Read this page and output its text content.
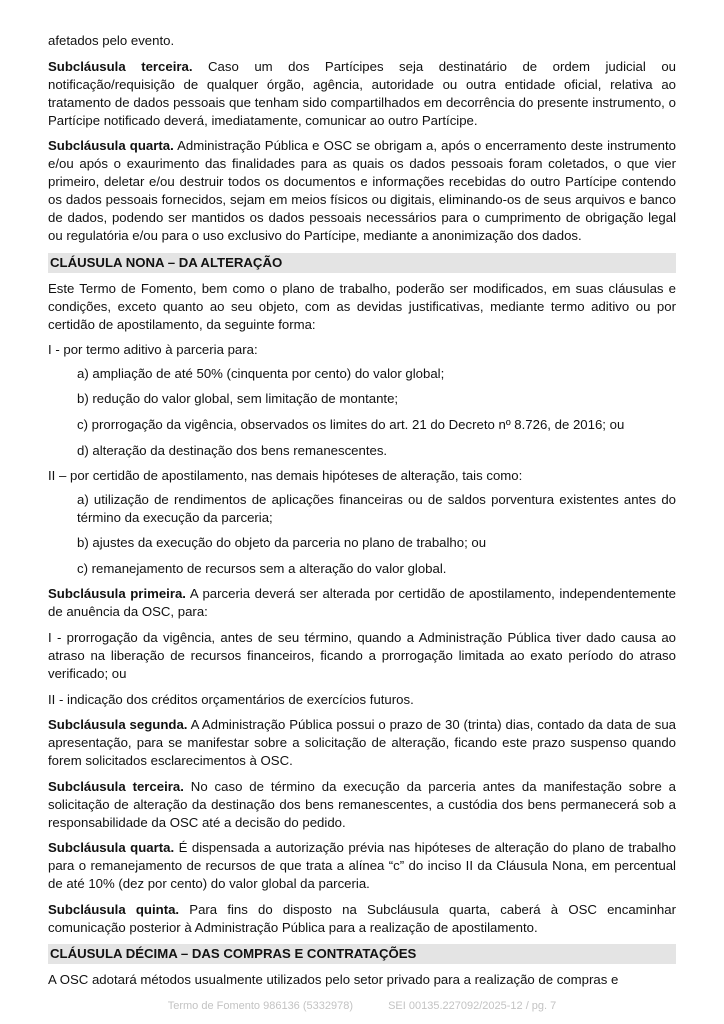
afetados pelo evento.

Subcláusula terceira. Caso um dos Partícipes seja destinatário de ordem judicial ou notificação/requisição de qualquer órgão, agência, autoridade ou outra entidade oficial, relativa ao tratamento de dados pessoais que tenham sido compartilhados em decorrência do presente instrumento, o Partícipe notificado deverá, imediatamente, comunicar ao outro Partícipe.

Subcláusula quarta. Administração Pública e OSC se obrigam a, após o encerramento deste instrumento e/ou após o exaurimento das finalidades para as quais os dados pessoais foram coletados, o que vier primeiro, deletar e/ou destruir todos os documentos e informações recebidas do outro Partícipe contendo os dados pessoais fornecidos, sejam em meios físicos ou digitais, eliminando-os de seus arquivos e banco de dados, podendo ser mantidos os dados pessoais necessários para o cumprimento de obrigação legal ou regulatória e/ou para o uso exclusivo do Partícipe, mediante a anonimização dos dados.

CLÁUSULA NONA – DA ALTERAÇÃO

Este Termo de Fomento, bem como o plano de trabalho, poderão ser modificados, em suas cláusulas e condições, exceto quanto ao seu objeto, com as devidas justificativas, mediante termo aditivo ou por certidão de apostilamento, da seguinte forma:

I - por termo aditivo à parceria para:

a) ampliação de até 50% (cinquenta por cento) do valor global;

b) redução do valor global, sem limitação de montante;

c) prorrogação da vigência, observados os limites do art. 21 do Decreto nº 8.726, de 2016; ou

d) alteração da destinação dos bens remanescentes.

II – por certidão de apostilamento, nas demais hipóteses de alteração, tais como:

a) utilização de rendimentos de aplicações financeiras ou de saldos porventura existentes antes do término da execução da parceria;

b) ajustes da execução do objeto da parceria no plano de trabalho; ou

c) remanejamento de recursos sem a alteração do valor global.

Subcláusula primeira. A parceria deverá ser alterada por certidão de apostilamento, independentemente de anuência da OSC, para:

I - prorrogação da vigência, antes de seu término, quando a Administração Pública tiver dado causa ao atraso na liberação de recursos financeiros, ficando a prorrogação limitada ao exato período do atraso verificado; ou

II - indicação dos créditos orçamentários de exercícios futuros.

Subcláusula segunda. A Administração Pública possui o prazo de 30 (trinta) dias, contado da data de sua apresentação, para se manifestar sobre a solicitação de alteração, ficando este prazo suspenso quando forem solicitados esclarecimentos à OSC.

Subcláusula terceira. No caso de término da execução da parceria antes da manifestação sobre a solicitação de alteração da destinação dos bens remanescentes, a custódia dos bens permanecerá sob a responsabilidade da OSC até a decisão do pedido.

Subcláusula quarta. É dispensada a autorização prévia nas hipóteses de alteração do plano de trabalho para o remanejamento de recursos de que trata a alínea “c” do inciso II da Cláusula Nona, em percentual de até 10% (dez por cento) do valor global da parceria.

Subcláusula quinta. Para fins do disposto na Subcláusula quarta, caberá à OSC encaminhar comunicação posterior à Administração Pública para a realização de apostilamento.

CLÁUSULA DÉCIMA – DAS COMPRAS E CONTRATAÇÕES

A OSC adotará métodos usualmente utilizados pelo setor privado para a realização de compras e

Termo de Fomento 986136 (5332978)	SEI 00135.227092/2025-12 / pg. 7
